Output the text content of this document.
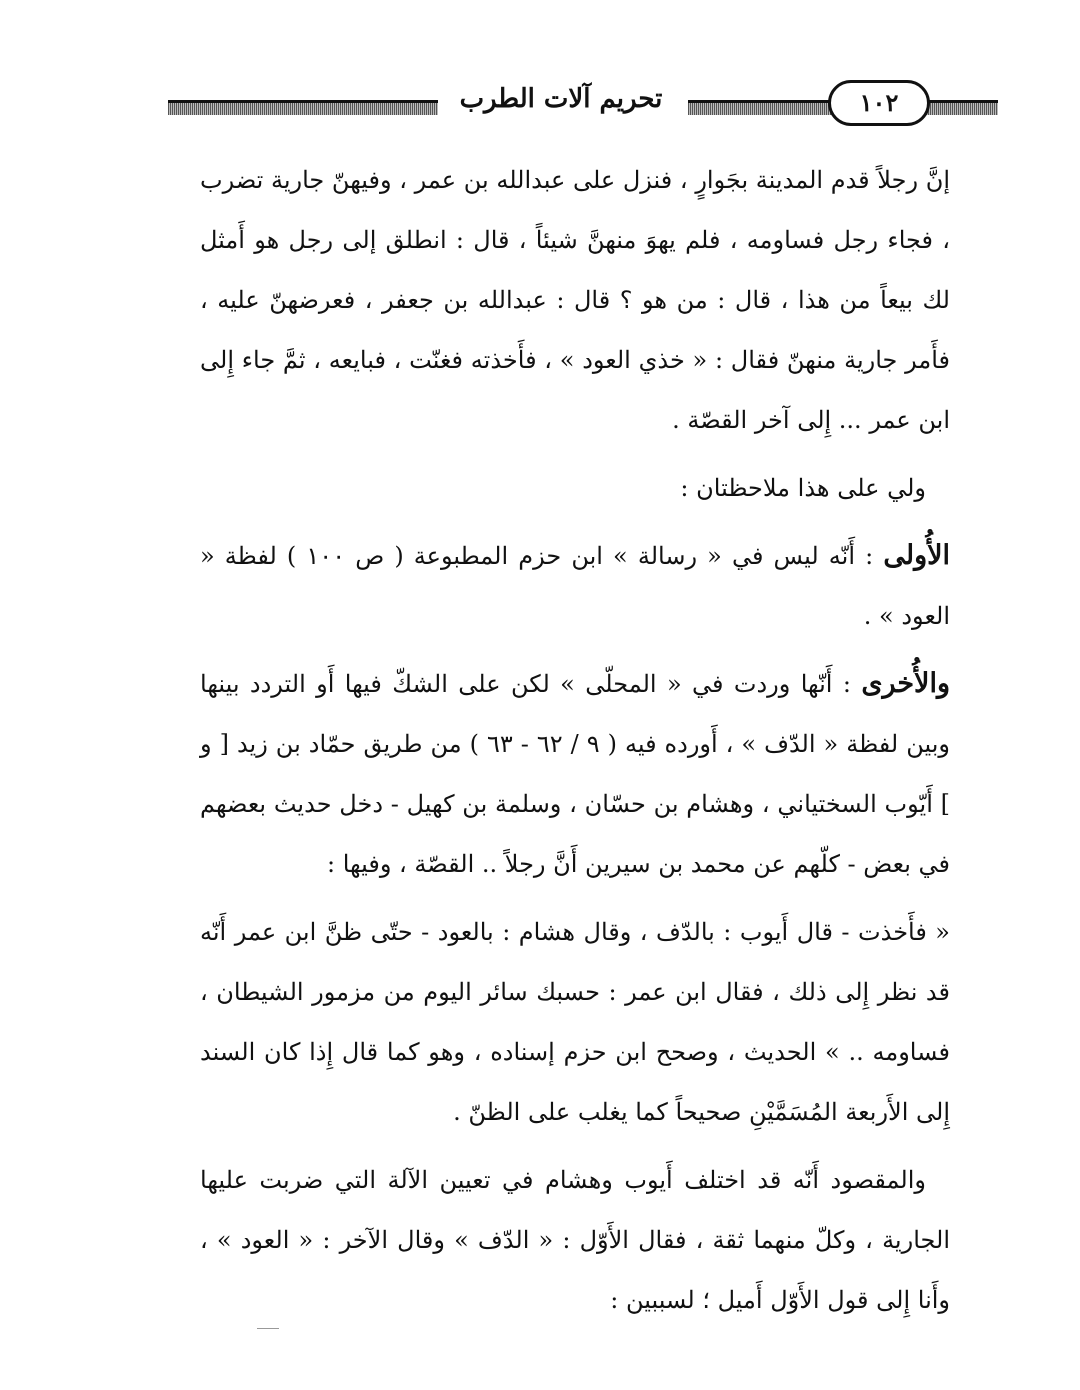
تحريم آلات الطرب	١٠٢

إنَّ رجلاً قدم المدينة بجَوارٍ ، فنزل على عبدالله بن عمر ، وفيهنّ جارية تضرب ، فجاء رجل فساومه ، فلم يهوَ منهنَّ شيئاً ، قال : انطلق إلى رجل هو أَمثل لك بيعاً من هذا ، قال : من هو ؟ قال : عبدالله بن جعفر ، فعرضهنّ عليه ، فأَمر جارية منهنّ فقال : « خذي العود » ، فأَخذته فغنّت ، فبايعه ، ثمَّ جاء إِلى ابن عمر ... إِلى آخر القصّة .

ولي على هذا ملاحظتان :

الأُولى : أَنّه ليس في « رسالة » ابن حزم المطبوعة ( ص ١٠٠ ) لفظة « العود » .

والأُخرى : أَنّها وردت في « المحلّى » لكن على الشكّ فيها أَو التردد بينها وبين لفظة « الدّف » ، أَورده فيه ( ٩ / ٦٢ - ٦٣ ) من طريق حمّاد بن زيد [ و ] أَيّوب السختياني ، وهشام بن حسّان ، وسلمة بن كهيل - دخل حديث بعضهم في بعض - كلّهم عن محمد بن سيرين أَنَّ رجلاً .. القصّة ، وفيها :

« فأَخذت - قال أَيوب : بالدّف ، وقال هشام : بالعود - حتّى ظنَّ ابن عمر أَنّه قد نظر إِلى ذلك ، فقال ابن عمر : حسبك سائر اليوم من مزمور الشيطان ، فساومه .. » الحديث ، وصحح ابن حزم إسناده ، وهو كما قال إِذا كان السند إِلى الأَربعة المُسَمَّيْنِ صحيحاً كما يغلب على الظنّ .

والمقصود أَنّه قد اختلف أَيوب وهشام في تعيين الآلة التي ضربت عليها الجارية ، وكلّ منهما ثقة ، فقال الأَوّل : « الدّف » وقال الآخر : « العود » ، وأَنا إِلى قول الأَوّل أَميل ؛ لسببين :
